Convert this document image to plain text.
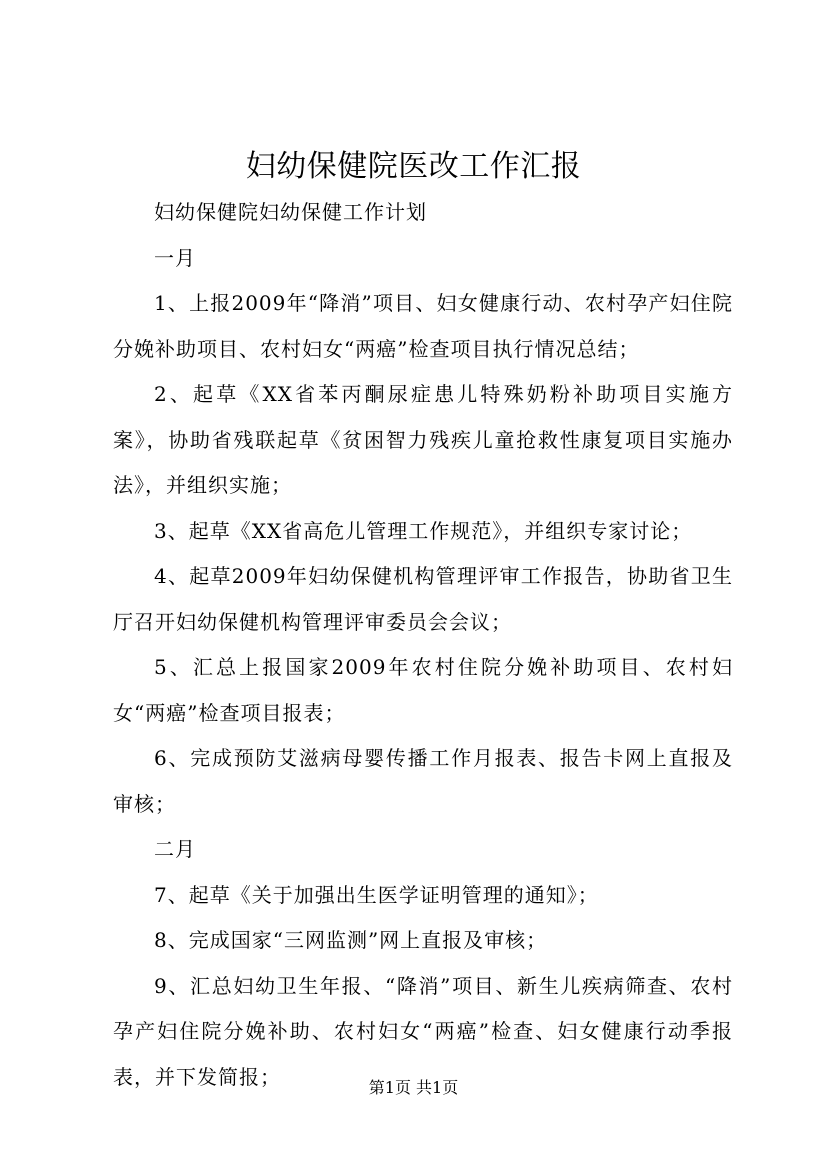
妇幼保健院医改工作汇报

妇幼保健院妇幼保健工作计划

一月

1、上报2009年“降消”项目、妇女健康行动、农村孕产妇住院分娩补助项目、农村妇女“两癌”检查项目执行情况总结；

2、起草《XX省苯丙酮尿症患儿特殊奶粉补助项目实施方案》，协助省残联起草《贫困智力残疾儿童抢救性康复项目实施办法》，并组织实施；

3、起草《XX省高危儿管理工作规范》，并组织专家讨论；

4、起草2009年妇幼保健机构管理评审工作报告，协助省卫生厅召开妇幼保健机构管理评审委员会会议；

5、汇总上报国家2009年农村住院分娩补助项目、农村妇女“两癌”检查项目报表；

6、完成预防艾滋病母婴传播工作月报表、报告卡网上直报及审核；

二月

7、起草《关于加强出生医学证明管理的通知》；

8、完成国家“三网监测”网上直报及审核；

9、汇总妇幼卫生年报、“降消”项目、新生儿疾病筛查、农村孕产妇住院分娩补助、农村妇女“两癌”检查、妇女健康行动季报表，并下发简报；	第1页 共1页
